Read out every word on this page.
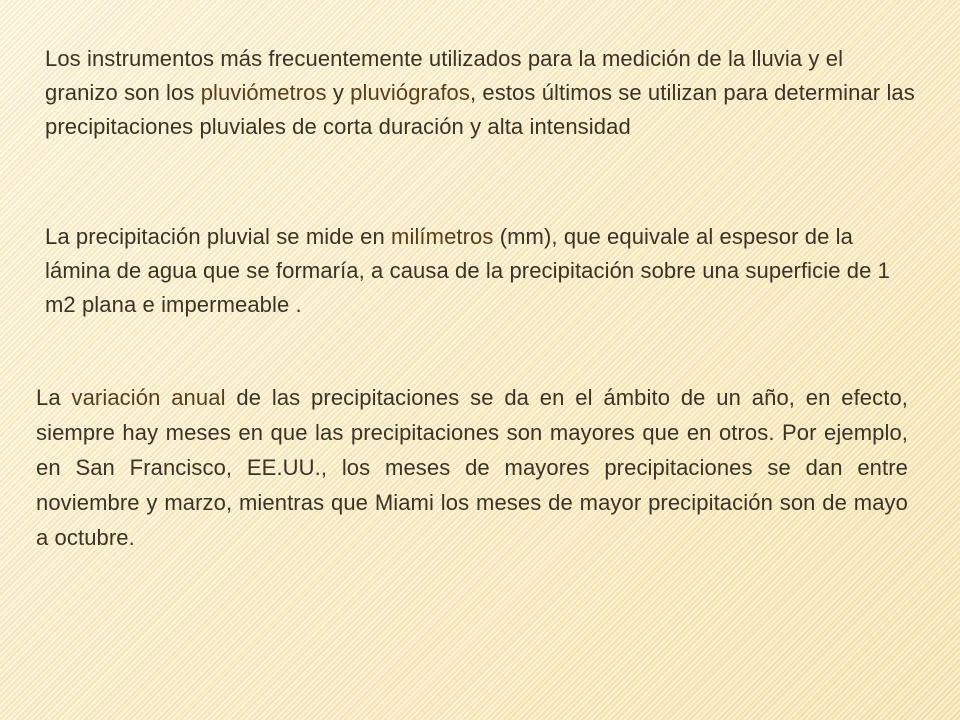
Los instrumentos más frecuentemente utilizados para la medición de la lluvia y el granizo son los pluviómetros y pluviógrafos, estos últimos se utilizan para determinar las precipitaciones pluviales de corta duración y alta intensidad

La precipitación pluvial se mide en milímetros (mm), que equivale al espesor de la lámina de agua que se formaría, a causa de la precipitación sobre una superficie de 1 m2 plana e impermeable .

La variación anual de las precipitaciones se da en el ámbito de un año, en efecto, siempre hay meses en que las precipitaciones son mayores que en otros. Por ejemplo, en San Francisco, EE.UU., los meses de mayores precipitaciones se dan entre noviembre y marzo, mientras que Miami los meses de mayor precipitación son de mayo a octubre.
